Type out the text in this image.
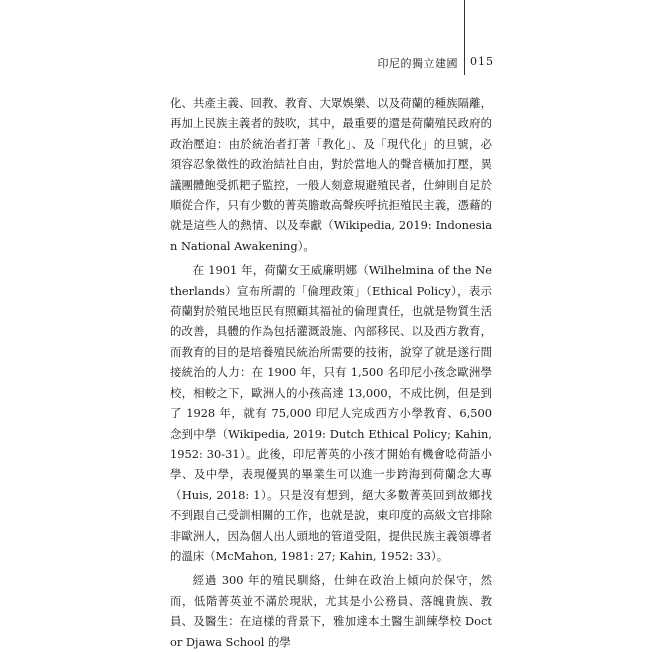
印尼的獨立建國 015

化、共產主義、回教、教育、大眾娛樂、以及荷蘭的種族隔離，再加上民族主義者的鼓吹，其中，最重要的還是荷蘭殖民政府的政治壓迫：由於統治者打著「教化」、及「現代化」的旦號，必須容忍象徵性的政治結社自由，對於當地人的聲音橫加打壓，異議團體飽受抓耙子監控，一般人刻意規避殖民者，仕紳則自足於順從合作，只有少數的菁英膽敢高聲疾呼抗拒殖民主義，憑藉的就是這些人的熱情、以及奉獻（Wikipedia, 2019: Indonesian National Awakening）。

在 1901 年，荷蘭女王威廉明娜（Wilhelmina of the Netherlands）宣布所謂的「倫理政策」（Ethical Policy），表示荷蘭對於殖民地臣民有照顧其福祉的倫理責任，也就是物質生活的改善，具體的作為包括灌溉設施、內部移民、以及西方教育，而教育的目的是培養殖民統治所需要的技術，說穿了就是遂行間接統治的人力：在 1900 年，只有 1,500 名印尼小孩念歐洲學校，相較之下，歐洲人的小孩高達 13,000，不成比例，但是到了 1928 年，就有 75,000 印尼人完成西方小學教育、6,500 念到中學（Wikipedia, 2019: Dutch Ethical Policy; Kahin, 1952: 30-31）。此後，印尼菁英的小孩才開始有機會唸荷語小學、及中學，表現優異的畢業生可以進一步跨海到荷蘭念大專（Huis, 2018: 1）。只是沒有想到，絕大多數菁英回到故鄉找不到跟自己受訓相關的工作，也就是說，東印度的高級文官排除非歐洲人，因為個人出人頭地的管道受阻，提供民族主義領導者的溫床（McMahon, 1981: 27; Kahin, 1952: 33）。

經過 300 年的殖民馴絡，仕紳在政治上傾向於保守，然而，低階菁英並不滿於現狀，尤其是小公務員、落魄貴族、教員、及醫生：在這樣的背景下，雅加達本土醫生訓練學校 Doctor Djawa School 的學
